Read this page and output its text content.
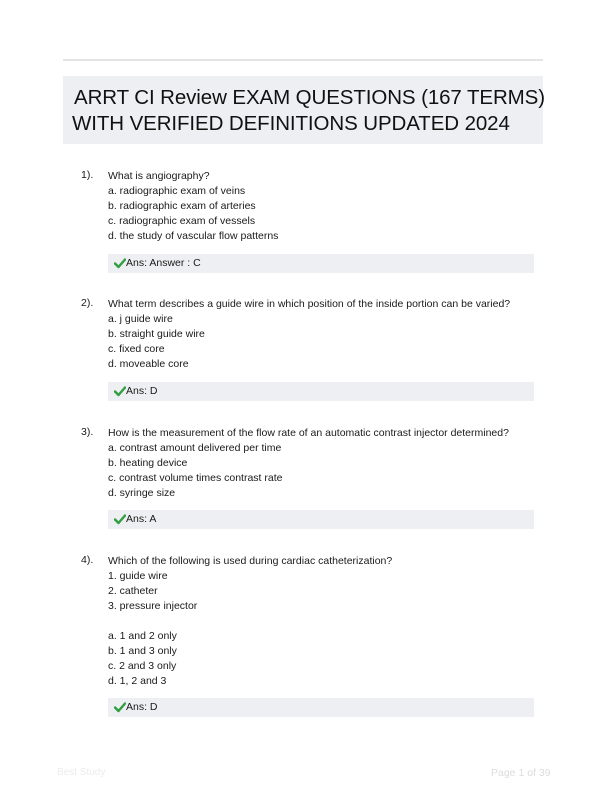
ARRT CI Review EXAM QUESTIONS (167 TERMS)
WITH VERIFIED DEFINITIONS UPDATED 2024
1). What is angiography?
a. radiographic exam of veins
b. radiographic exam of arteries
c. radiographic exam of vessels
d. the study of vascular flow patterns
Ans: Answer : C
2). What term describes a guide wire in which position of the inside portion can be varied?
a. j guide wire
b. straight guide wire
c. fixed core
d. moveable core
Ans: D
3). How is the measurement of the flow rate of an automatic contrast injector determined?
a. contrast amount delivered per time
b. heating device
c. contrast volume times contrast rate
d. syringe size
Ans: A
4). Which of the following is used during cardiac catheterization?
1. guide wire
2. catheter
3. pressure injector
a. 1 and 2 only
b. 1 and 3 only
c. 2 and 3 only
d. 1, 2 and 3
Ans: D
Best Study	Page 1 of 39
